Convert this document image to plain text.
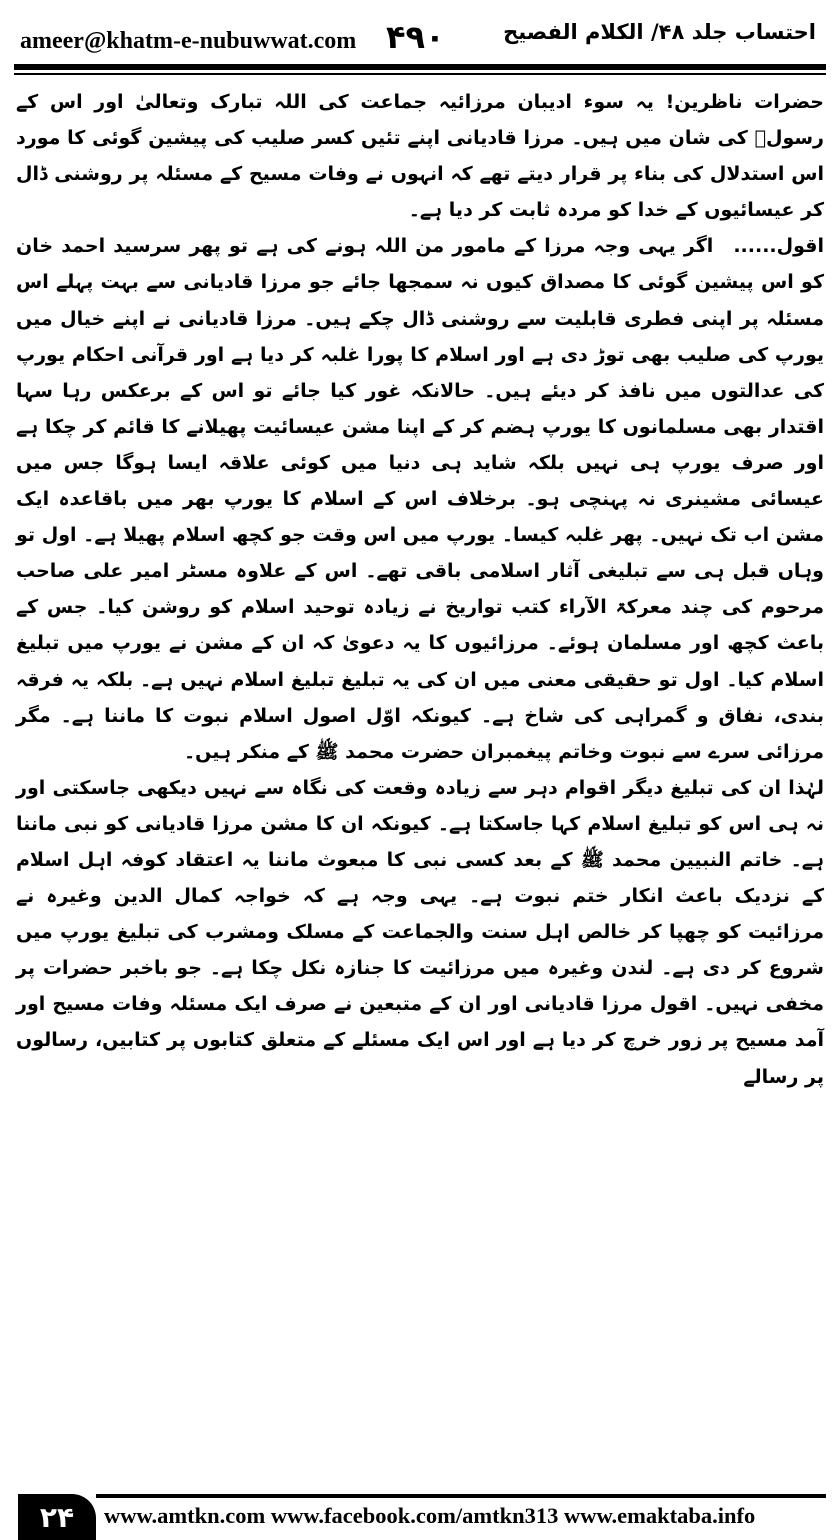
ameer@khatm-e-nubuwwat.com ۴۹۰	احتساب جلد ۴۸/ الکلام الفصیح

حضرات ناظرین! یہ سوء ادیبان مرزائیہ جماعت کی اللہ تبارک وتعالیٰ اور اس کے رسولؐ کی شان میں ہیں۔ مرزا قادیانی اپنے تئیں کسر صلیب کی پیشین گوئی کا مورد اس استدلال کی بناء پر قرار دیتے تھے کہ انہوں نے وفات مسیح کے مسئلہ پر روشنی ڈال کر عیسائیوں کے خدا کو مردہ ثابت کر دیا ہے۔

اقول......اگر یہی وجہ مرزا کے مامور من اللہ ہونے کی ہے تو پھر سرسید احمد خان کو اس پیشین گوئی کا مصداق کیوں نہ سمجھا جائے جو مرزا قادیانی سے بہت پہلے اس مسئلہ پر اپنی فطری قابلیت سے روشنی ڈال چکے ہیں۔ مرزا قادیانی نے اپنے خیال میں یورپ کی صلیب بھی توڑ دی ہے اور اسلام کا پورا غلبہ کر دیا ہے اور قرآنی احکام یورپ کی عدالتوں میں نافذ کر دیئے ہیں۔ حالانکہ غور کیا جائے تو اس کے برعکس رہا سہا اقتدار بھی مسلمانوں کا یورپ ہضم کر کے اپنا مشن عیسائیت پھیلانے کا قائم کر چکا ہے اور صرف یورپ ہی نہیں بلکہ شاید ہی دنیا میں کوئی علاقہ ایسا ہوگا جس میں عیسائی مشینری نہ پہنچی ہو۔ برخلاف اس کے اسلام کا یورپ بھر میں باقاعدہ ایک مشن اب تک نہیں۔ پھر غلبہ کیسا۔ یورپ میں اس وقت جو کچھ اسلام پھیلا ہے۔ اول تو وہاں قبل ہی سے تبلیغی آثار اسلامی باقی تھے۔ اس کے علاوہ مسٹر امیر علی صاحب مرحوم کی چند معرکۃ الآراء کتب تواریخ نے زیادہ توحید اسلام کو روشن کیا۔ جس کے باعث کچھ اور مسلمان ہوئے۔ مرزائیوں کا یہ دعویٰ کہ ان کے مشن نے یورپ میں تبلیغ اسلام کیا۔ اول تو حقیقی معنی میں ان کی یہ تبلیغ تبلیغ اسلام نہیں ہے۔ بلکہ یہ فرقہ بندی، نفاق و گمراہی کی شاخ ہے۔ کیونکہ اوّل اصول اسلام نبوت کا ماننا ہے۔ مگر مرزائی سرے سے نبوت وخاتم پیغمبران حضرت محمد ﷺ کے منکر ہیں۔

لہٰذا ان کی تبلیغ دیگر اقوام دہر سے زیادہ وقعت کی نگاہ سے نہیں دیکھی جاسکتی اور نہ ہی اس کو تبلیغ اسلام کہا جاسکتا ہے۔ کیونکہ ان کا مشن مرزا قادیانی کو نبی ماننا ہے۔ خاتم النبیین محمد ﷺ کے بعد کسی نبی کا مبعوث ماننا یہ اعتقاد کوفہ اہل اسلام کے نزدیک باعث انکار ختم نبوت ہے۔ یہی وجہ ہے کہ خواجہ کمال الدین وغیرہ نے مرزائیت کو چھپا کر خالص اہل سنت والجماعت کے مسلک ومشرب کی تبلیغ یورپ میں شروع کر دی ہے۔ لندن وغیرہ میں مرزائیت کا جنازہ نکل چکا ہے۔ جو باخبر حضرات پر مخفی نہیں۔ اقول مرزا قادیانی اور ان کے متبعین نے صرف ایک مسئلہ وفات مسیح اور آمد مسیح پر زور خرچ کر دیا ہے اور اس ایک مسئلے کے متعلق کتابوں پر کتابیں، رسالوں پر رسالے

۲۴	www.amtkn.com www.facebook.com/amtkn313 www.emaktaba.info
